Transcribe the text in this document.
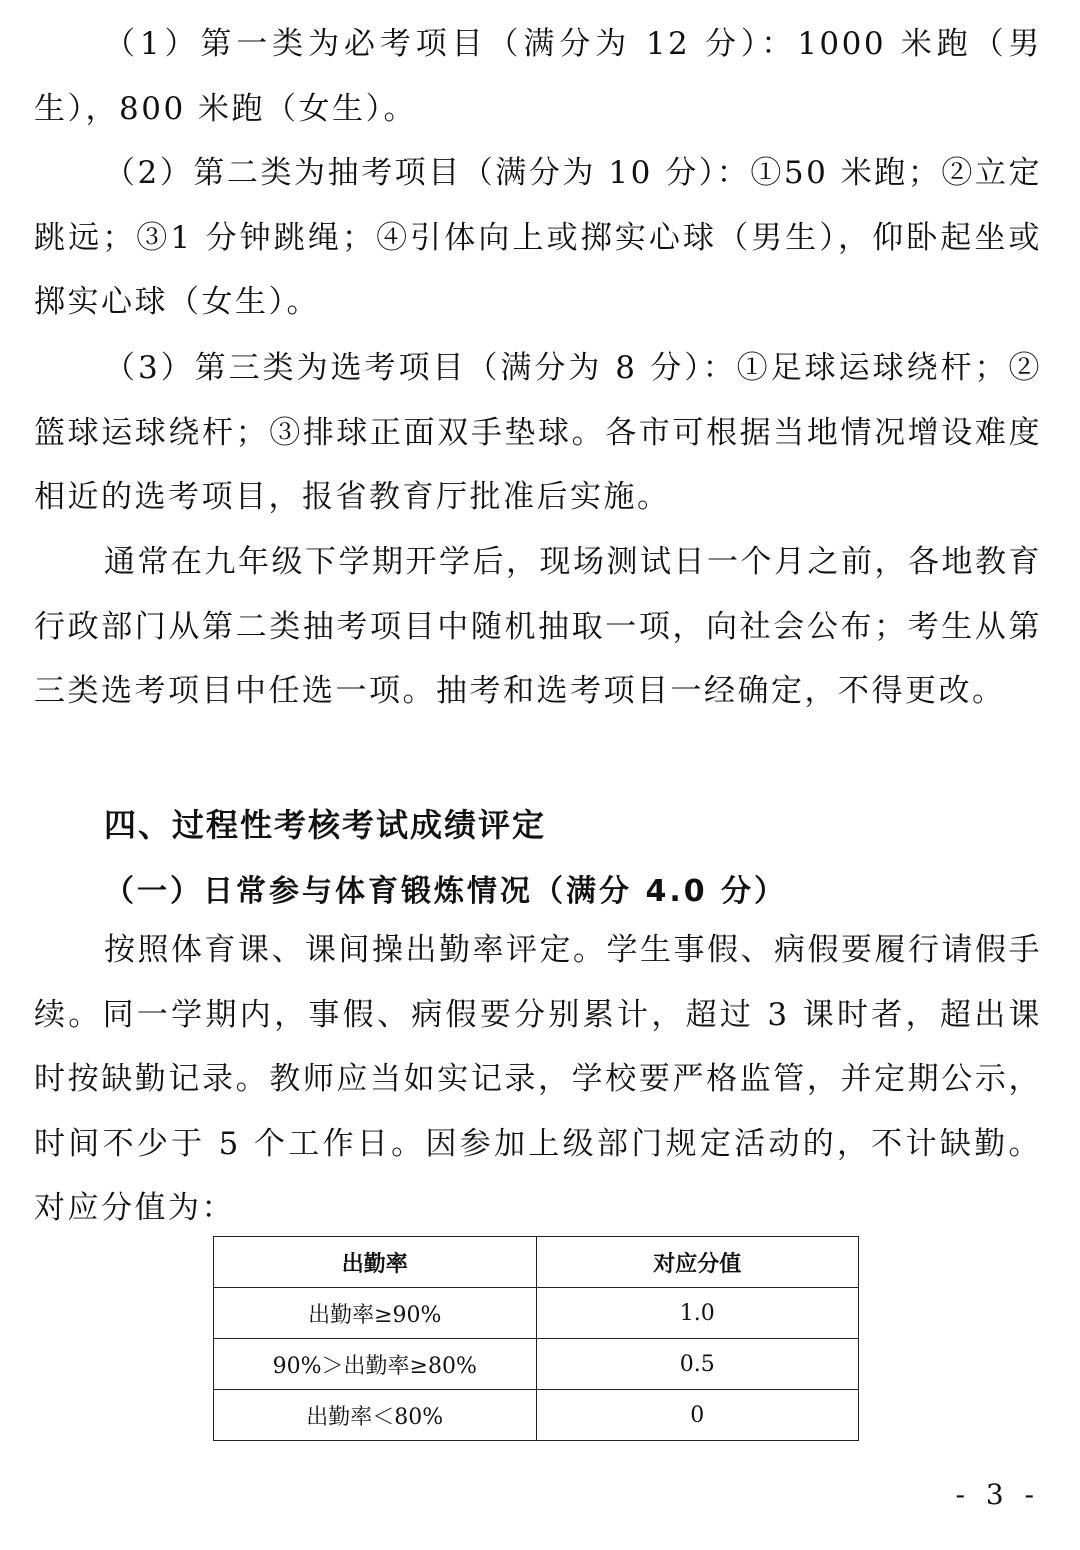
（1）第一类为必考项目（满分为 12 分）：1000 米跑（男生），800 米跑（女生）。

（2）第二类为抽考项目（满分为 10 分）：①50 米跑；②立定跳远；③1 分钟跳绳；④引体向上或掷实心球（男生），仰卧起坐或掷实心球（女生）。

（3）第三类为选考项目（满分为 8 分）：①足球运球绕杆；②篮球运球绕杆；③排球正面双手垫球。各市可根据当地情况增设难度相近的选考项目，报省教育厅批准后实施。

通常在九年级下学期开学后，现场测试日一个月之前，各地教育行政部门从第二类抽考项目中随机抽取一项，向社会公布；考生从第三类选考项目中任选一项。抽考和选考项目一经确定，不得更改。

四、过程性考核考试成绩评定
（一）日常参与体育锻炼情况（满分 4.0 分）

按照体育课、课间操出勤率评定。学生事假、病假要履行请假手续。同一学期内，事假、病假要分别累计，超过 3 课时者，超出课时按缺勤记录。教师应当如实记录，学校要严格监管，并定期公示，时间不少于 5 个工作日。因参加上级部门规定活动的，不计缺勤。对应分值为：

出勤率	对应分值
出勤率≥90%	1.0
90%＞出勤率≥80%	0.5
出勤率＜80%	0
- 3 -
